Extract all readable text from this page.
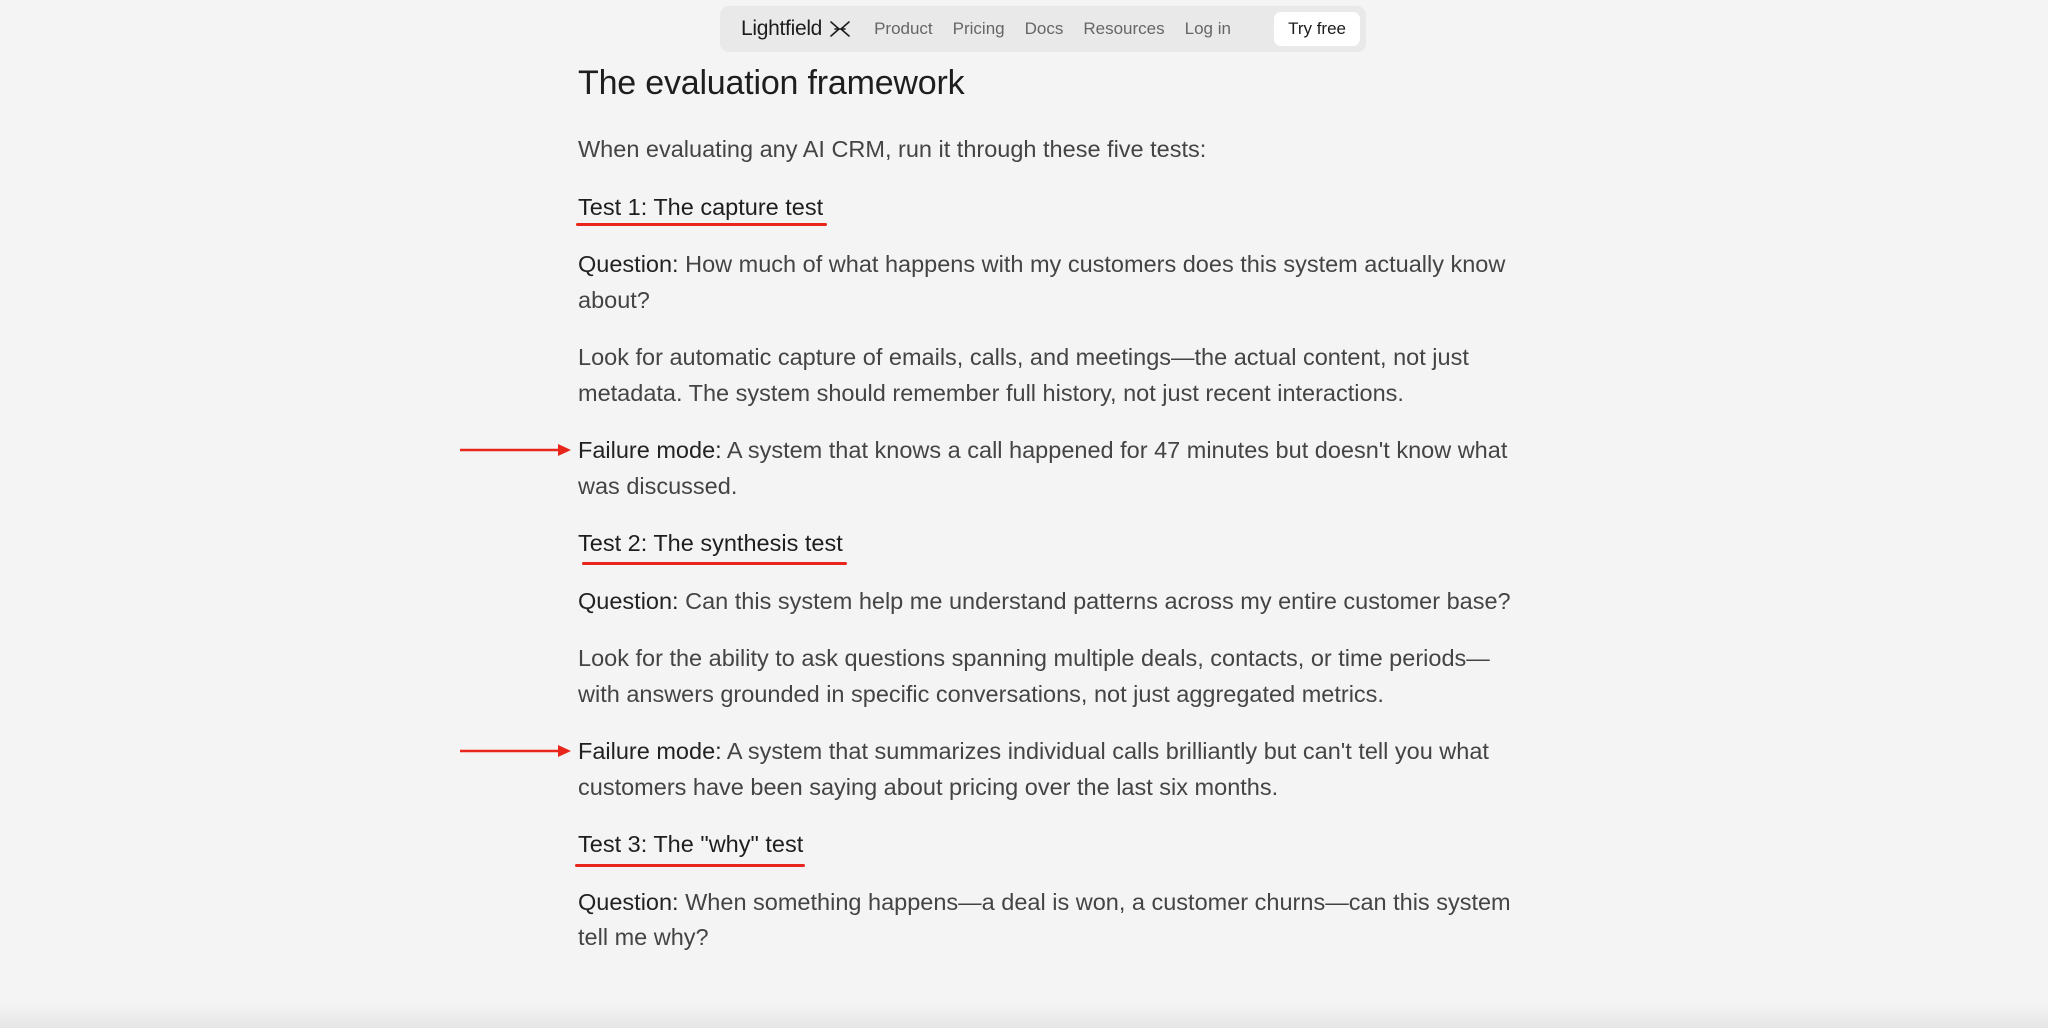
Lightfield	Product Pricing Docs Resources Log in	Try free
The evaluation framework

When evaluating any AI CRM, run it through these five tests:

Test 1: The capture test

Question: How much of what happens with my customers does this system actually know about?

Look for automatic capture of emails, calls, and meetings—the actual content, not just metadata. The system should remember full history, not just recent interactions.

Failure mode: A system that knows a call happened for 47 minutes but doesn't know what was discussed.

Test 2: The synthesis test

Question: Can this system help me understand patterns across my entire customer base?

Look for the ability to ask questions spanning multiple deals, contacts, or time periods—with answers grounded in specific conversations, not just aggregated metrics.

Failure mode: A system that summarizes individual calls brilliantly but can't tell you what customers have been saying about pricing over the last six months.

Test 3: The "why" test

Question: When something happens—a deal is won, a customer churns—can this system tell me why?
